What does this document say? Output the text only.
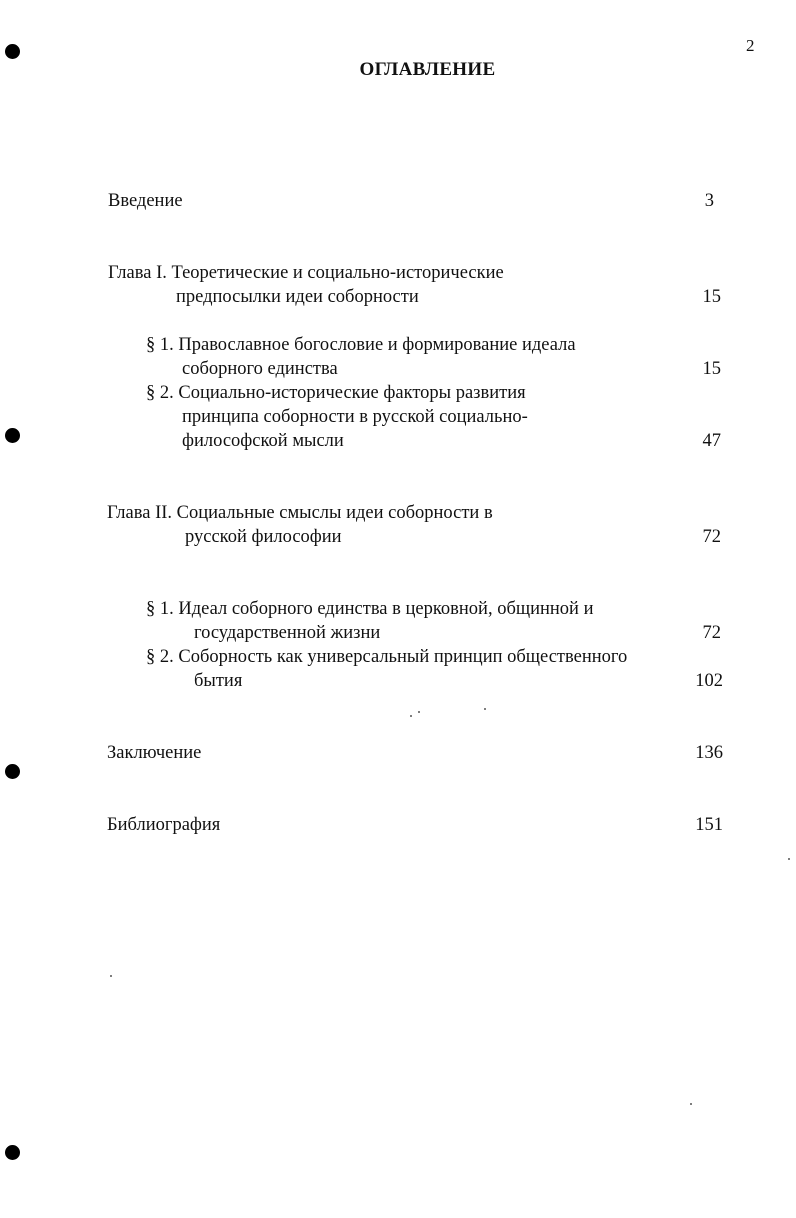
2
ОГЛАВЛЕНИЕ
Введение	3
Глава I. Теоретические и социально-исторические
предпосылки идеи соборности	15
§ 1. Православное богословие и формирование идеала
соборного единства	15
§ 2. Социально-исторические факторы развития
принципа соборности в русской социально-
философской мысли	47
Глава II. Социальные смыслы идеи соборности в
русской философии	72
§ 1. Идеал соборного единства в церковной, общинной и
государственной жизни	72
§ 2. Соборность как универсальный принцип общественного
бытия	102
Заключение	136
Библиография	151
